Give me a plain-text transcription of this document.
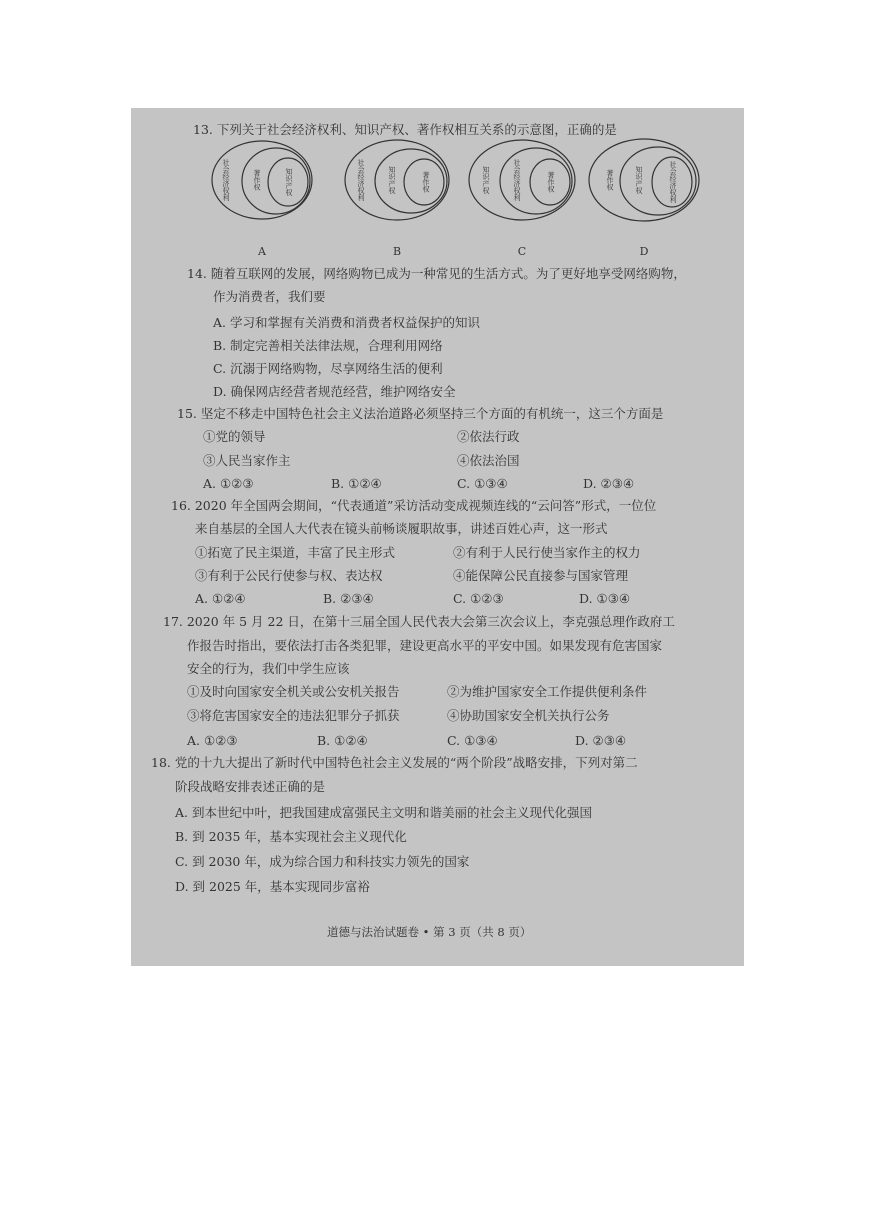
13. 下列关于社会经济权利、知识产权、著作权相互关系的示意图，正确的是
社会经济权利	著作权	知识产权
A
社会经济权利	知识产权	著作权
B
知识产权	社会经济权利	著作权
C
著作权	知识产权	社会经济权利
D
14. 随着互联网的发展，网络购物已成为一种常见的生活方式。为了更好地享受网络购物，
作为消费者，我们要
A. 学习和掌握有关消费和消费者权益保护的知识
B. 制定完善相关法律法规，合理利用网络
C. 沉溺于网络购物，尽享网络生活的便利
D. 确保网店经营者规范经营，维护网络安全
15. 坚定不移走中国特色社会主义法治道路必须坚持三个方面的有机统一，这三个方面是
①党的领导	②依法行政
③人民当家作主	④依法治国
A. ①②③	B. ①②④	C. ①③④	D. ②③④
16. 2020 年全国两会期间，“代表通道”采访活动变成视频连线的“云问答”形式，一位位
来自基层的全国人大代表在镜头前畅谈履职故事，讲述百姓心声，这一形式
①拓宽了民主渠道，丰富了民主形式	②有利于人民行使当家作主的权力
③有利于公民行使参与权、表达权	④能保障公民直接参与国家管理
A. ①②④	B. ②③④	C. ①②③	D. ①③④
17. 2020 年 5 月 22 日，在第十三届全国人民代表大会第三次会议上，李克强总理作政府工
作报告时指出，要依法打击各类犯罪，建设更高水平的平安中国。如果发现有危害国家
安全的行为，我们中学生应该
①及时向国家安全机关或公安机关报告	②为维护国家安全工作提供便利条件
③将危害国家安全的违法犯罪分子抓获	④协助国家安全机关执行公务
A. ①②③	B. ①②④	C. ①③④	D. ②③④
18. 党的十九大提出了新时代中国特色社会主义发展的“两个阶段”战略安排，下列对第二
阶段战略安排表述正确的是
A. 到本世纪中叶，把我国建成富强民主文明和谐美丽的社会主义现代化强国
B. 到 2035 年，基本实现社会主义现代化
C. 到 2030 年，成为综合国力和科技实力领先的国家
D. 到 2025 年，基本实现同步富裕
道德与法治试题卷 • 第 3 页（共 8 页）
